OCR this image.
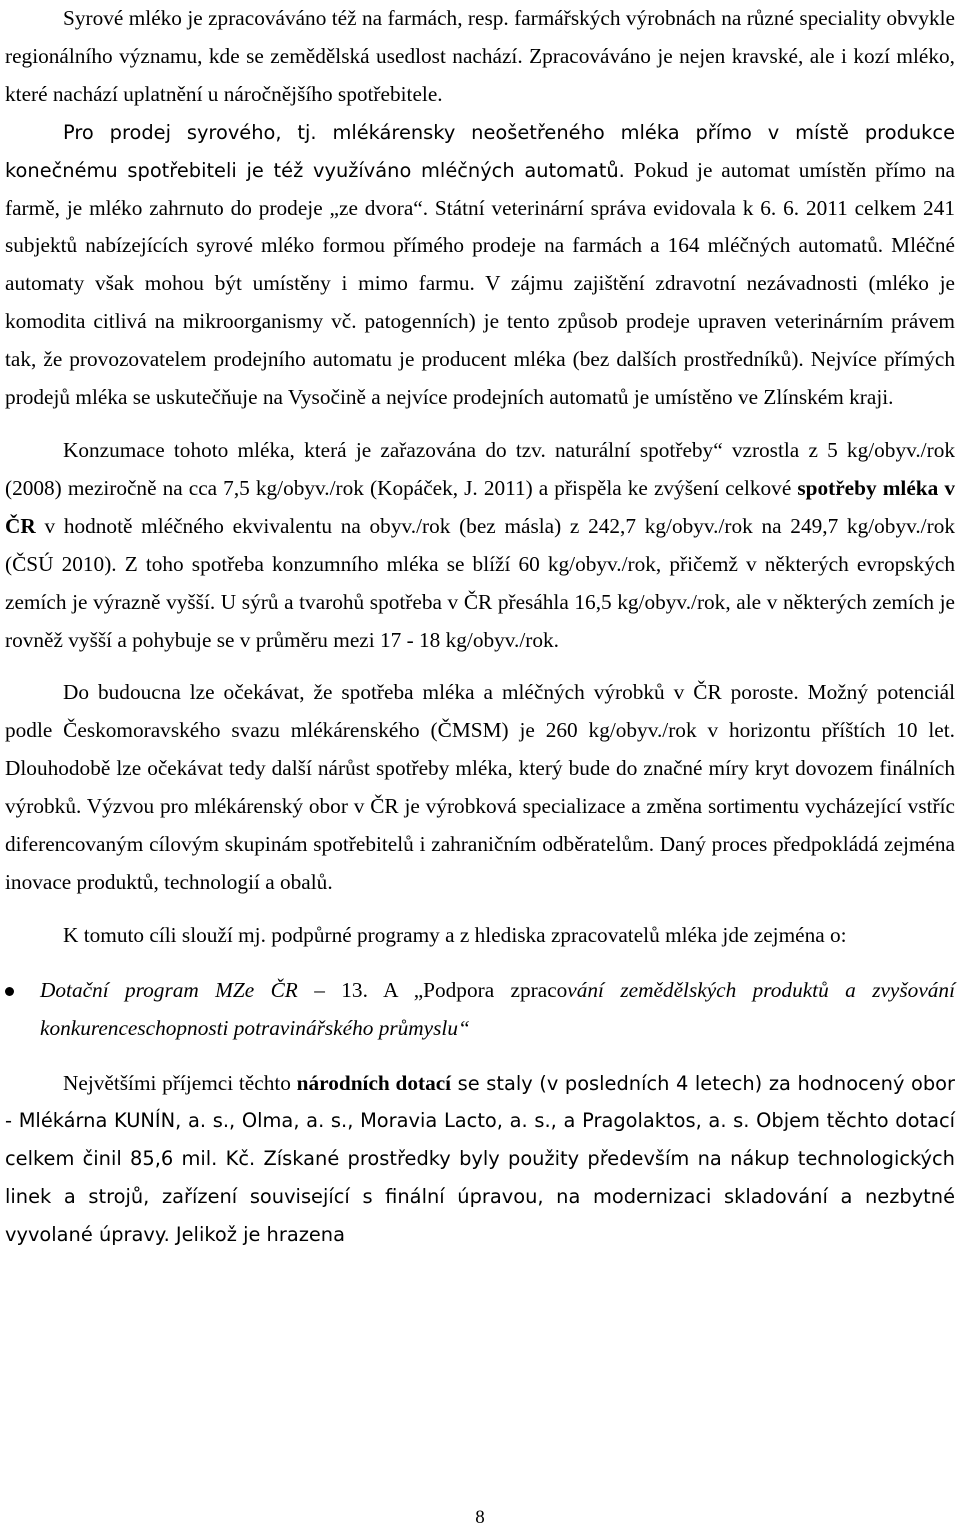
Syrové mléko je zpracováváno též na farmách, resp. farmářských výrobnách na různé speciality obvykle regionálního významu, kde se zemědělská usedlost nachází. Zpracováváno je nejen kravské, ale i kozí mléko, které nachází uplatnění u náročnějšího spotřebitele.

Pro prodej syrového, tj. mlékárensky neošetřeného mléka přímo v místě produkce konečnému spotřebiteli je též využíváno mléčných automatů. Pokud je automat umístěn přímo na farmě, je mléko zahrnuto do prodeje „ze dvora“. Státní veterinární správa evidovala k 6. 6. 2011 celkem 241 subjektů nabízejících syrové mléko formou přímého prodeje na farmách a 164 mléčných automatů. Mléčné automaty však mohou být umístěny i mimo farmu. V zájmu zajištění zdravotní nezávadnosti (mléko je komodita citlivá na mikroorganismy vč. patogenních) je tento způsob prodeje upraven veterinárním právem tak, že provozovatelem prodejního automatu je producent mléka (bez dalších prostředníků). Nejvíce přímých prodejů mléka se uskutečňuje na Vysočině a nejvíce prodejních automatů je umístěno ve Zlínském kraji.

Konzumace tohoto mléka, která je zařazována do tzv. naturální spotřeby“ vzrostla z 5 kg/obyv./rok (2008) meziročně na cca 7,5 kg/obyv./rok (Kopáček, J. 2011) a přispěla ke zvýšení celkové spotřeby mléka v ČR v hodnotě mléčného ekvivalentu na obyv./rok (bez másla) z 242,7 kg/obyv./rok na 249,7 kg/obyv./rok (ČSÚ 2010). Z toho spotřeba konzumního mléka se blíží 60 kg/obyv./rok, přičemž v některých evropských zemích je výrazně vyšší. U sýrů a tvarohů spotřeba v ČR přesáhla 16,5 kg/obyv./rok, ale v některých zemích je rovněž vyšší a pohybuje se v průměru mezi 17 - 18 kg/obyv./rok.

Do budoucna lze očekávat, že spotřeba mléka a mléčných výrobků v ČR poroste. Možný potenciál podle Českomoravského svazu mlékárenského (ČMSM) je 260 kg/obyv./rok v horizontu příštích 10 let. Dlouhodobě lze očekávat tedy další nárůst spotřeby mléka, který bude do značné míry kryt dovozem finálních výrobků. Výzvou pro mlékárenský obor v ČR je výrobková specializace a změna sortimentu vycházející vstříc diferencovaným cílovým skupinám spotřebitelů i zahraničním odběratelům. Daný proces předpokládá zejména inovace produktů, technologií a obalů.

K tomuto cíli slouží mj. podpůrné programy a z hlediska zpracovatelů mléka jde zejména o:

Dotační program MZe ČR – 13. A „Podpora zpracování zemědělských produktů a zvyšování konkurenceschopnosti potravinářského průmyslu“

Největšími příjemci těchto národních dotací se staly (v posledních 4 letech) za hodnocený obor - Mlékárna KUNÍN, a. s., Olma, a. s., Moravia Lacto, a. s., a Pragolaktos, a. s. Objem těchto dotací celkem činil 85,6 mil. Kč. Získané prostředky byly použity především na nákup technologických linek a strojů, zařízení související s finální úpravou, na modernizaci skladování a nezbytné vyvolané úpravy. Jelikož je hrazena

8
